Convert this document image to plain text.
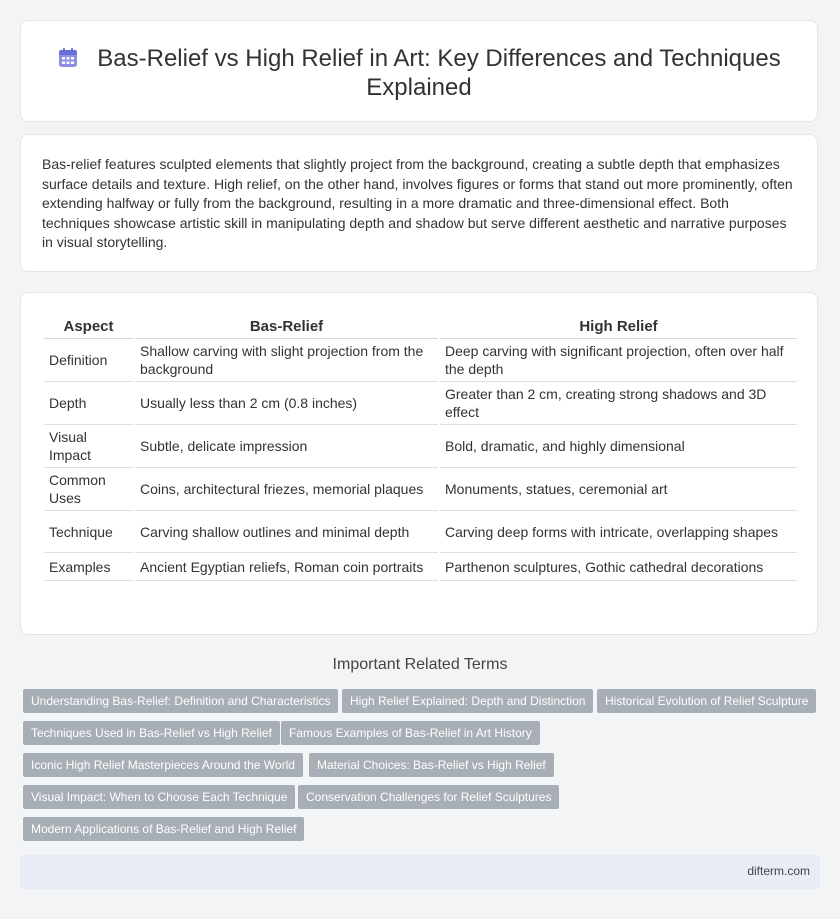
Bas-Relief vs High Relief in Art: Key Differences and Techniques
Explained

Bas-relief features sculpted elements that slightly project from the background, creating a subtle depth that emphasizes surface details and texture. High relief, on the other hand, involves figures or forms that stand out more prominently, often extending halfway or fully from the background, resulting in a more dramatic and three-dimensional effect. Both techniques showcase artistic skill in manipulating depth and shadow but serve different aesthetic and narrative purposes in visual storytelling.

Aspect	Bas-Relief	High Relief
Definition	Shallow carving with slight projection from the background	Deep carving with significant projection, often over half the depth
Depth	Usually less than 2 cm (0.8 inches)	Greater than 2 cm, creating strong shadows and 3D effect
Visual Impact	Subtle, delicate impression	Bold, dramatic, and highly dimensional
Common Uses	Coins, architectural friezes, memorial plaques	Monuments, statues, ceremonial art
Technique	Carving shallow outlines and minimal depth	Carving deep forms with intricate, overlapping shapes
Examples	Ancient Egyptian reliefs, Roman coin portraits	Parthenon sculptures, Gothic cathedral decorations
Important Related Terms
Understanding Bas-Relief: Definition and Characteristics	High Relief Explained: Depth and Distinction	Historical Evolution of Relief Sculpture
Techniques Used in Bas-Relief vs High Relief	Famous Examples of Bas-Relief in Art History
Iconic High Relief Masterpieces Around the World	Material Choices: Bas-Relief vs High Relief
Visual Impact: When to Choose Each Technique	Conservation Challenges for Relief Sculptures
Modern Applications of Bas-Relief and High Relief
difterm.com
